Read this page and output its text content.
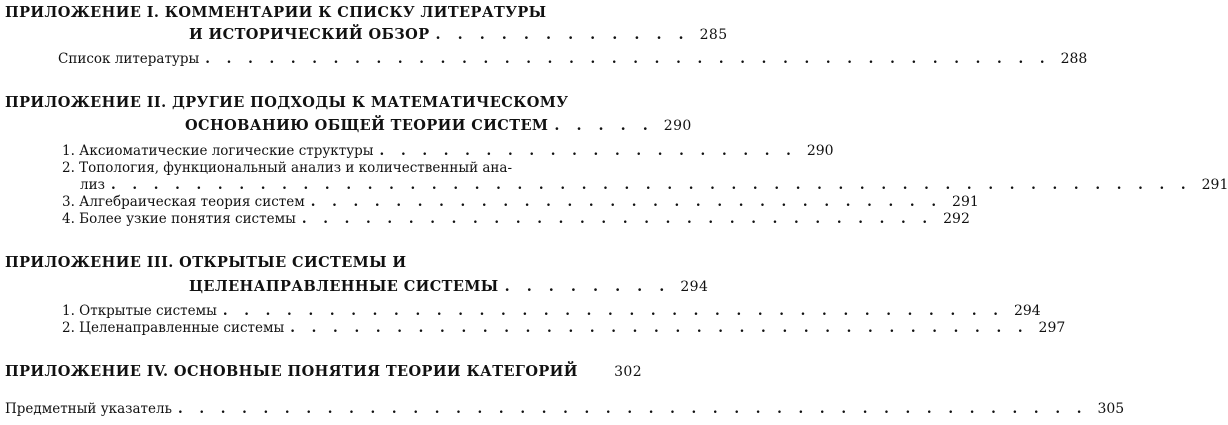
ПРИЛОЖЕНИЕ I. КОММЕНТАРИИ К СПИСКУ ЛИТЕРАТУРЫ
И ИСТОРИЧЕСКИЙ ОБЗОР . . . . . . . . . . . . 285
Список литературы . . . . . . . . . . . . . . . . . . . . . . . . . . . . . . . . . . . . . . . . 288
ПРИЛОЖЕНИЕ II. ДРУГИЕ ПОДХОДЫ К МАТЕМАТИЧЕСКОМУ
ОСНОВАНИЮ ОБЩЕЙ ТЕОРИИ СИСТЕМ . . . . . 290
1. Аксиоматические логические структуры . . . . . . . . . . . . . . . . . . . . 290
2. Топология, функциональный анализ и количественный ана-
лиз . . . . . . . . . . . . . . . . . . . . . . . . . . . . . . . . . . . . . . . . . . . . . . . . . . . 291
3. Алгебраическая теория систем . . . . . . . . . . . . . . . . . . . . . . . . . . . . . . 291
4. Более узкие понятия системы . . . . . . . . . . . . . . . . . . . . . . . . . . . . . . 292
ПРИЛОЖЕНИЕ III. ОТКРЫТЫЕ СИСТЕМЫ И
ЦЕЛЕНАПРАВЛЕННЫЕ СИСТЕМЫ . . . . . . . . 294
1. Открытые системы . . . . . . . . . . . . . . . . . . . . . . . . . . . . . . . . . . . . . 294
2. Целенаправленные системы . . . . . . . . . . . . . . . . . . . . . . . . . . . . . . . . . . . 297
ПРИЛОЖЕНИЕ IV. ОСНОВНЫЕ ПОНЯТИЯ ТЕОРИИ КАТЕГОРИЙ	302
Предметный указатель . . . . . . . . . . . . . . . . . . . . . . . . . . . . . . . . . . . . . . . . . . . 305
